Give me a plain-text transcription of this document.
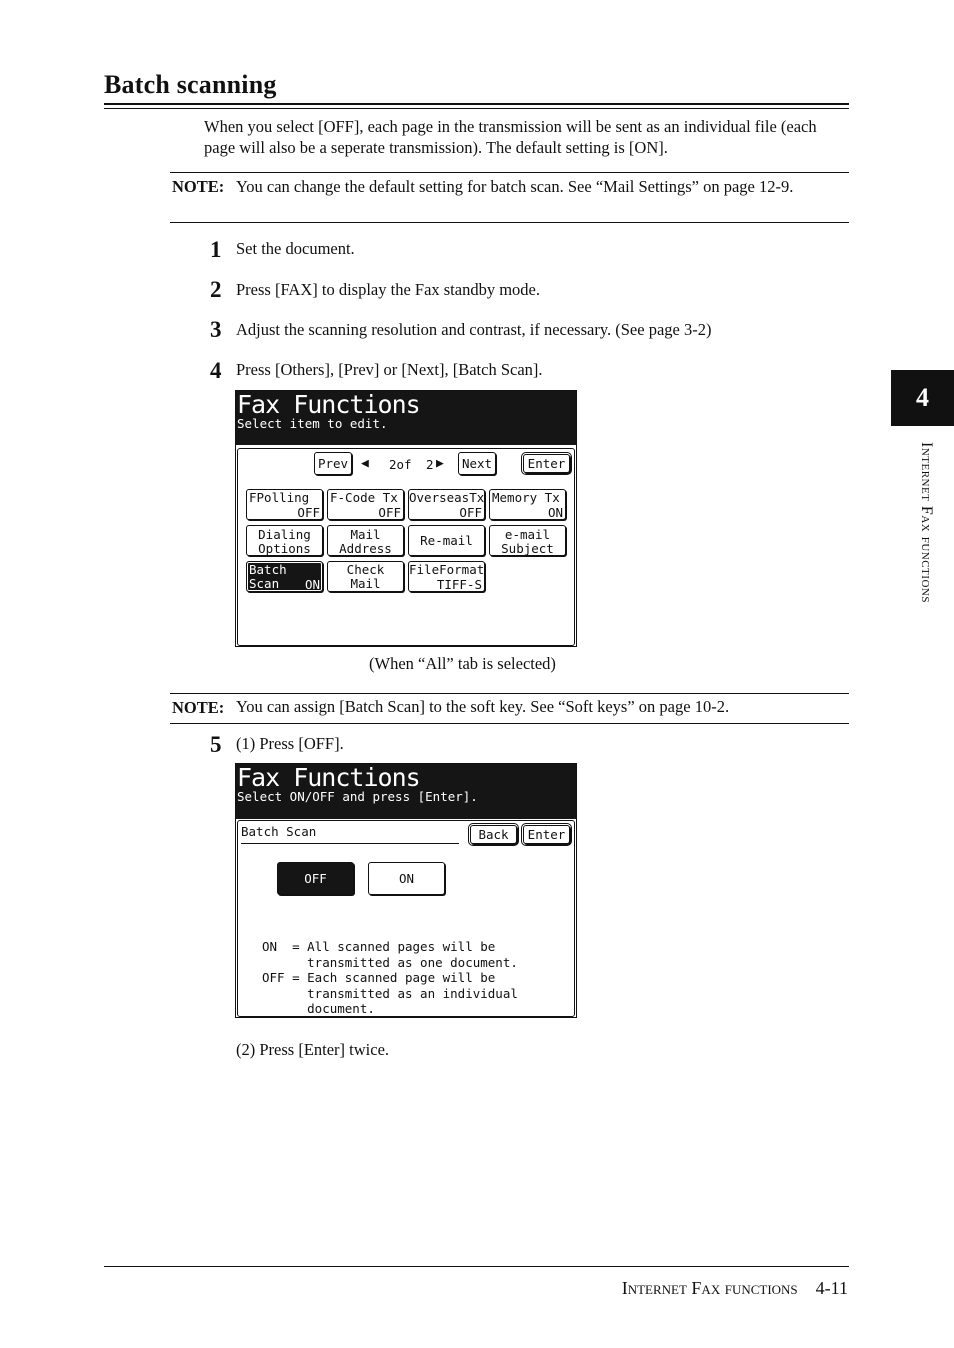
Batch scanning
When you select [OFF], each page in the transmission will be sent as an individual file (each page will also be a seperate transmission). The default setting is [ON].
NOTE: You can change the default setting for batch scan. See “Mail Settings” on page 12-9.
1 Set the document.
2 Press [FAX] to display the Fax standby mode.
3 Adjust the scanning resolution and contrast, if necessary. (See page 3-2)
4 Press [Others], [Prev] or [Next], [Batch Scan].
Fax Functions
Select item to edit.
Prev ◀ 2of 2 ▶ Next	Enter
FPolling
OFF
F-Code Tx
OFF
OverseasTx
OFF
Memory Tx
ON
Dialing
Options
Mail
Address
Re-mail	e-mail
Subject
Batch Scan	ON
Check Mail
FileFormat
TIFF-S
(When “All” tab is selected)
NOTE: You can assign [Batch Scan] to the soft key. See “Soft keys” on page 10-2.
5 (1) Press [OFF].
Fax Functions
Select ON/OFF and press [Enter].
Batch Scan	Back	Enter
OFF	ON
ON  = All scanned pages will be
transmitted as one document.
OFF = Each scanned page will be
transmitted as an individual
document.
(2) Press [Enter] twice.
4
Internet Fax functions
Internet Fax functions 4-11
